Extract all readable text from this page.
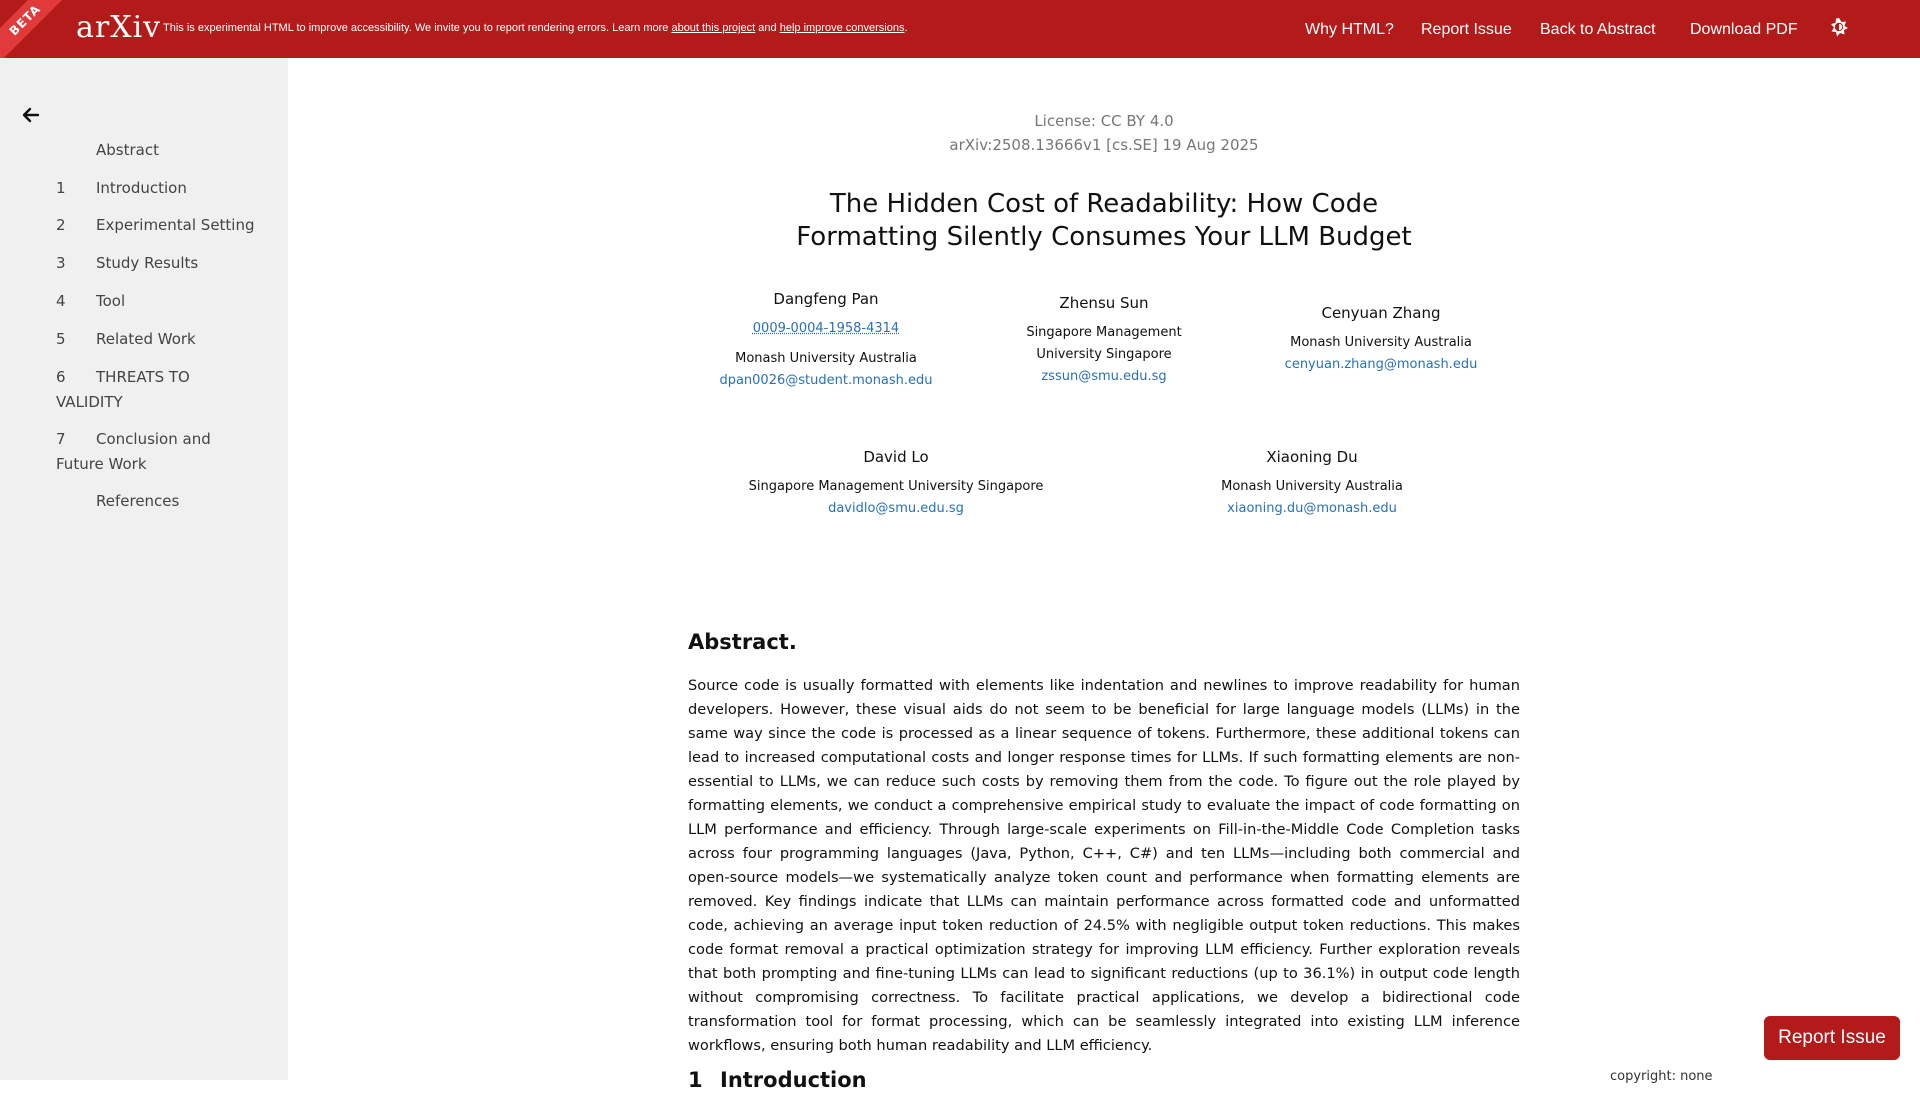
BETA	arXiv This is experimental HTML to improve accessibility. We invite you to report rendering errors. Learn more about this project and help improve conversions.	Why HTML? Report Issue Back to Abstract Download PDF
Abstract
1 Introduction
2 Experimental Setting
3 Study Results
4 Tool
5 Related Work
6 THREATS TO VALIDITY
7 Conclusion and Future Work
References
License: CC BY 4.0
arXiv:2508.13666v1 [cs.SE] 19 Aug 2025
The Hidden Cost of Readability: How Code
Formatting Silently Consumes Your LLM Budget
Dangfeng Pan
0009-0004-1958-4314
Monash University Australia
dpan0026@student.monash.edu
Zhensu Sun
Singapore Management
University Singapore
zssun@smu.edu.sg
Cenyuan Zhang
Monash University Australia
cenyuan.zhang@monash.edu
David Lo
Singapore Management University Singapore
davidlo@smu.edu.sg
Xiaoning Du
Monash University Australia
xiaoning.du@monash.edu
Abstract.
Source code is usually formatted with elements like indentation and newlines to improve readability for human developers. However, these visual aids do not seem to be beneficial for large language models (LLMs) in the same way since the code is processed as a linear sequence of tokens. Furthermore, these additional tokens can lead to increased computational costs and longer response times for LLMs. If such formatting elements are non-essential to LLMs, we can reduce such costs by removing them from the code. To figure out the role played by formatting elements, we conduct a comprehensive empirical study to evaluate the impact of code formatting on LLM performance and efficiency. Through large-scale experiments on Fill-in-the-Middle Code Completion tasks across four programming languages (Java, Python, C++, C#) and ten LLMs—including both commercial and open-source models—we systematically analyze token count and performance when formatting elements are removed. Key findings indicate that LLMs can maintain performance across formatted code and unformatted code, achieving an average input token reduction of 24.5% with negligible output token reductions. This makes code format removal a practical optimization strategy for improving LLM efficiency. Further exploration reveals that both prompting and fine-tuning LLMs can lead to significant reductions (up to 36.1%) in output code length without compromising correctness. To facilitate practical applications, we develop a bidirectional code transformation tool for format processing, which can be seamlessly integrated into existing LLM inference workflows, ensuring both human readability and LLM efficiency.
1 Introduction	copyright: none
Report Issue
